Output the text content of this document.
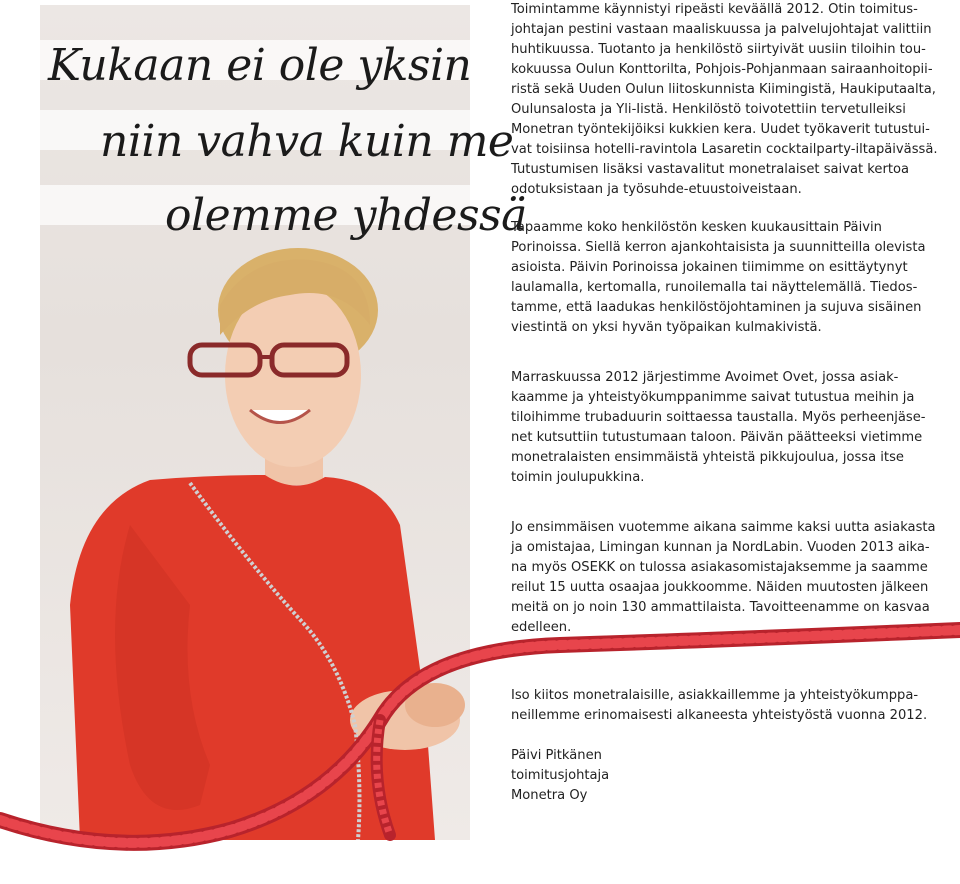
Kukaan ei ole yksin
niin vahva kuin me
olemme yhdessä

Toimintamme käynnistyi ripeästi keväällä 2012. Otin toimitus-
johtajan pestini vastaan maaliskuussa ja palvelujohtajat valittiin
huhtikuussa. Tuotanto ja henkilöstö siirtyivät uusiin tiloihin tou-
kokuussa Oulun Konttorilta, Pohjois-Pohjanmaan sairaanhoitopii-
ristä sekä Uuden Oulun liitoskunnista Kiimingistä, Haukiputaalta,
Oulunsalosta ja Yli-Iistä. Henkilöstö toivotettiin tervetulleiksi
Monetran työntekijöiksi kukkien kera. Uudet työkaverit tutustui-
vat toisiinsa hotelli-ravintola Lasaretin cocktailparty-iltapäivässä.
Tutustumisen lisäksi vastavalitut monetralaiset saivat kertoa
odotuksistaan ja työsuhde-etuustoiveistaan.

Tapaamme koko henkilöstön kesken kuukausittain Päivin
Porinoissa. Siellä kerron ajankohtaisista ja suunnitteilla olevista
asioista. Päivin Porinoissa jokainen tiimimme on esittäytynyt
laulamalla, kertomalla, runoilemalla tai näyttelemällä. Tiedos-
tamme, että laadukas henkilöstöjohtaminen ja sujuva sisäinen
viestintä on yksi hyvän työpaikan kulmakivistä.

Marraskuussa 2012 järjestimme Avoimet Ovet, jossa asiak-
kaamme ja yhteistyökumppanimme saivat tutustua meihin ja
tiloihimme trubaduurin soittaessa taustalla. Myös perheenjäse-
net kutsuttiin tutustumaan taloon. Päivän päätteeksi vietimme
monetralaisten ensimmäistä yhteistä pikkujoulua, jossa itse
toimin joulupukkina.

Jo ensimmäisen vuotemme aikana saimme kaksi uutta asiakasta
ja omistajaa, Limingan kunnan ja NordLabin. Vuoden 2013 aika-
na myös OSEKK on tulossa asiakasomistajaksemme ja saamme
reilut 15 uutta osaajaa joukkoomme. Näiden muutosten jälkeen
meitä on jo noin 130 ammattilaista. Tavoitteenamme on kasvaa
edelleen.

Iso kiitos monetralaisille, asiakkaillemme ja yhteistyökumppa-
neillemme erinomaisesti alkaneesta yhteistyöstä vuonna 2012.

Päivi Pitkänen
toimitusjohtaja
Monetra Oy
